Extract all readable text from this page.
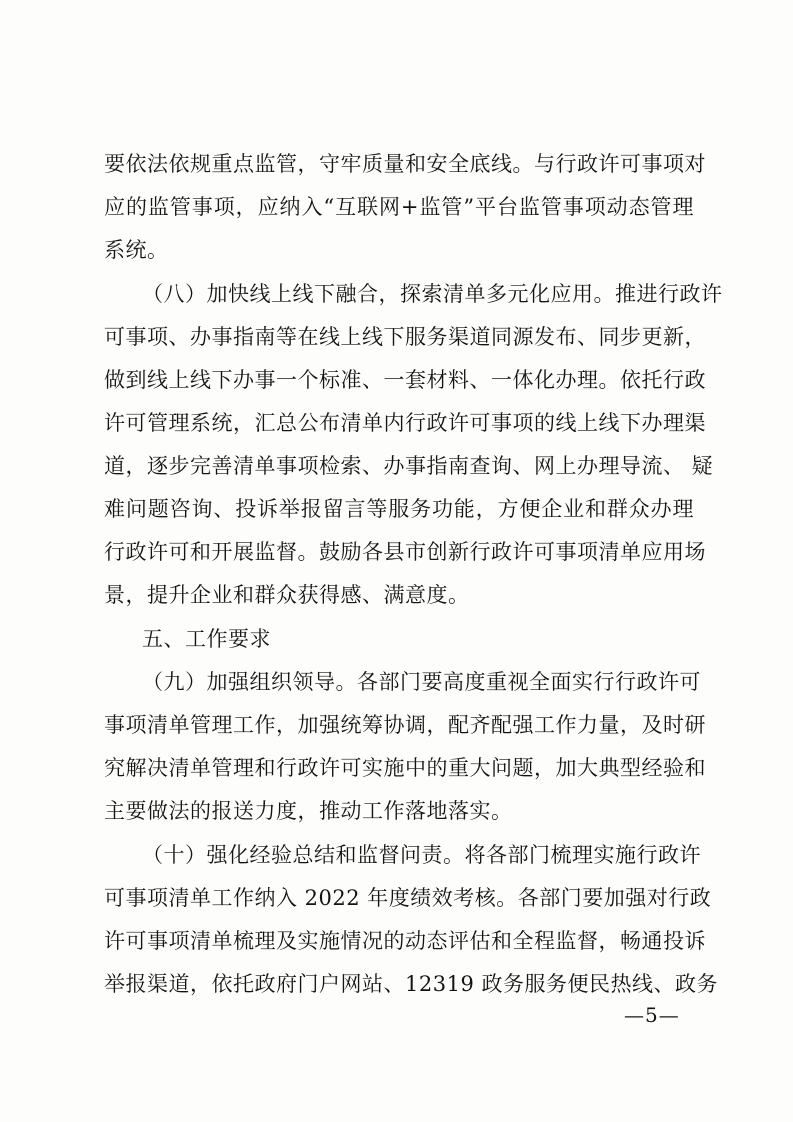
要依法依规重点监管，守牢质量和安全底线。与行政许可事项对
应的监管事项，应纳入“互联网+监管”平台监管事项动态管理
系统。
（八）加快线上线下融合，探索清单多元化应用。推进行政许
可事项、办事指南等在线上线下服务渠道同源发布、同步更新，
做到线上线下办事一个标准、一套材料、一体化办理。依托行政
许可管理系统，汇总公布清单内行政许可事项的线上线下办理渠
道，逐步完善清单事项检索、办事指南查询、网上办理导流、 疑
难问题咨询、投诉举报留言等服务功能，方便企业和群众办理
行政许可和开展监督。鼓励各县市创新行政许可事项清单应用场
景，提升企业和群众获得感、满意度。
五、工作要求
（九）加强组织领导。各部门要高度重视全面实行行政许可
事项清单管理工作，加强统筹协调，配齐配强工作力量，及时研
究解决清单管理和行政许可实施中的重大问题，加大典型经验和
主要做法的报送力度，推动工作落地落实。
（十）强化经验总结和监督问责。将各部门梳理实施行政许
可事项清单工作纳入 2022 年度绩效考核。各部门要加强对行政
许可事项清单梳理及实施情况的动态评估和全程监督，畅通投诉
举报渠道，依托政府门户网站、12319 政务服务便民热线、政务
—5—
